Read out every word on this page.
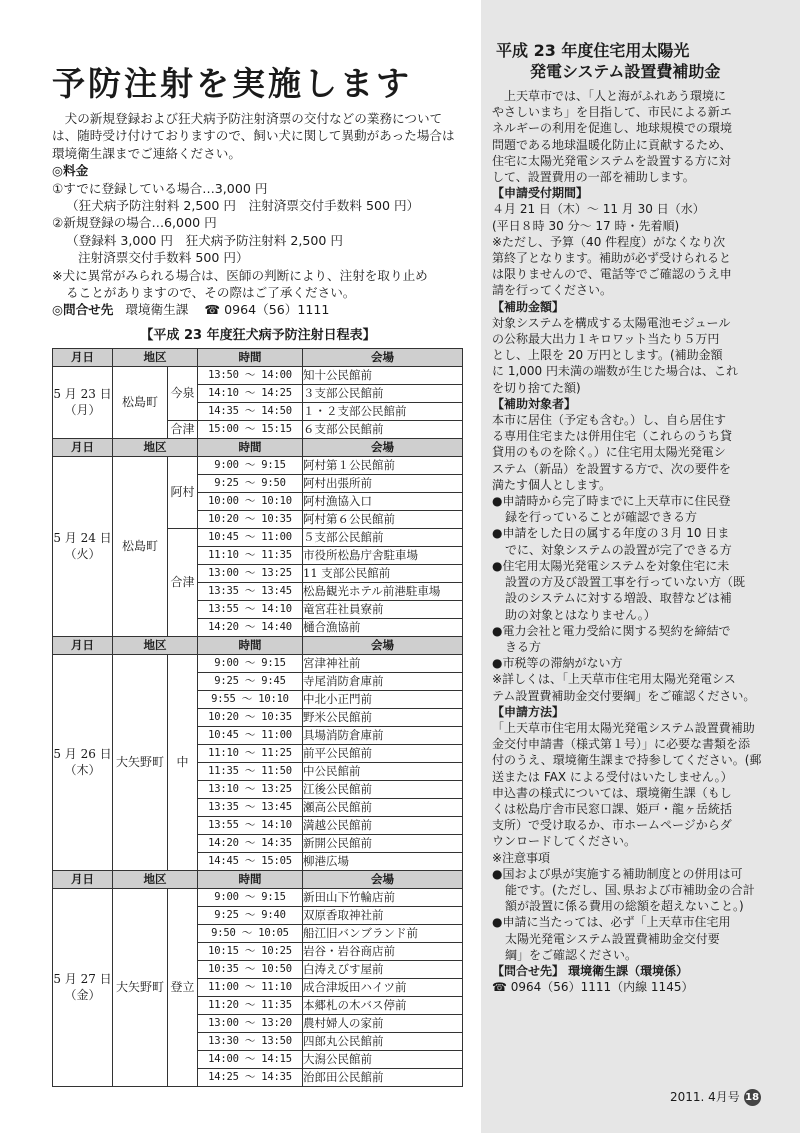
予防注射を実施します
犬の新規登録および狂犬病予防注射済票の交付などの業務については、随時受け付けておりますので、飼い犬に関して異動があった場合は環境衛生課までご連絡ください。
◎料金
①すでに登録している場合…3,000 円
（狂犬病予防注射料 2,500 円　注射済票交付手数料 500 円）
②新規登録の場合…6,000 円
（登録料 3,000 円　狂犬病予防注射料 2,500 円
注射済票交付手数料 500 円）
※犬に異常がみられる場合は、医師の判断により、注射を取り止め
ることがありますので、その際はご了承ください。
◎問合せ先 環境衛生課 ☎ 0964（56）1111
【平成 23 年度狂犬病予防注射日程表】
月日	地区		時間	会場

5 月 23 日
（月）	松島町	今泉	13:50 ～ 14:00	知十公民館前
			14:10 ～ 14:25	３支部公民館前
			14:35 ～ 14:50	１・２支部公民館前
		合津	15:00 ～ 15:15	６支部公民館前
月日	地区		時間	会場

5 月 24 日
（火）	松島町	阿村	9:00 ～ 9:15	阿村第１公民館前
			9:25 ～ 9:50	阿村出張所前
			10:00 ～ 10:10	阿村漁協入口
			10:20 ～ 10:35	阿村第６公民館前
		合津	10:45 ～ 11:00	５支部公民館前
			11:10 ～ 11:35	市役所松島庁舎駐車場
			13:00 ～ 13:25	11 支部公民館前
			13:35 ～ 13:45	松島観光ホテル前港駐車場
			13:55 ～ 14:10	竜宮荘社員寮前
			14:20 ～ 14:40	樋合漁協前
月日	地区		時間	会場

5 月 26 日
（木）	大矢野町	中	9:00 ～ 9:15	宮津神社前
			9:25 ～ 9:45	寺尾消防倉庫前
			9:55 ～ 10:10	中北小正門前
			10:20 ～ 10:35	野米公民館前
			10:45 ～ 11:00	具場消防倉庫前
			11:10 ～ 11:25	前平公民館前
			11:35 ～ 11:50	中公民館前
			13:10 ～ 13:25	江後公民館前
			13:35 ～ 13:45	瀬高公民館前
			13:55 ～ 14:10	満越公民館前
			14:20 ～ 14:35	新開公民館前
			14:45 ～ 15:05	柳港広場
月日	地区		時間	会場

5 月 27 日
（金）	大矢野町	登立	9:00 ～ 9:15	新田山下竹輪店前
			9:25 ～ 9:40	双原香取神社前
			9:50 ～ 10:05	船江旧バンブランド前
			10:15 ～ 10:25	岩谷・岩谷商店前
			10:35 ～ 10:50	白涛えびす屋前
			11:00 ～ 11:10	成合津坂田ハイツ前
			11:20 ～ 11:35	本郷札の木バス停前
			13:00 ～ 13:20	農村婦人の家前
			13:30 ～ 13:50	四郎丸公民館前
			14:00 ～ 14:15	大潟公民館前
			14:25 ～ 14:35	治郎田公民館前
平成 23 年度住宅用太陽光
発電システム設置費補助金
　上天草市では、「人と海がふれあう環境に
やさしいまち」を目指して、市民による新エ
ネルギーの利用を促進し、地球規模での環境
問題である地球温暖化防止に貢献するため、
住宅に太陽光発電システムを設置する方に対
して、設置費用の一部を補助します。
【申請受付期間】
４月 21 日（木）～ 11 月 30 日（水）
(平日８時 30 分～ 17 時・先着順)
※ただし、予算（40 件程度）がなくなり次
第終了となります。補助が必ず受けられると
は限りませんので、電話等でご確認のうえ申
請を行ってください。
【補助金額】
対象システムを構成する太陽電池モジュール
の公称最大出力１キロワット当たり５万円
とし、上限を 20 万円とします。(補助金額
に 1,000 円未満の端数が生じた場合は、これ
を切り捨てた額)
【補助対象者】
本市に居住（予定も含む。）し、自ら居住す
る専用住宅または併用住宅（これらのうち貸
貸用のものを除く。）に住宅用太陽光発電シ
ステム（新品）を設置する方で、次の要件を
満たす個人とします。
●申請時から完了時までに上天草市に住民登
録を行っていることが確認できる方
●申請をした日の属する年度の３月 10 日ま
でに、対象システムの設置が完了できる方
●住宅用太陽光発電システムを対象住宅に未
設置の方及び設置工事を行っていない方（既
設のシステムに対する増設、取替などは補
助の対象とはなりません。）
●電力会社と電力受給に関する契約を締結で
きる方
●市税等の滞納がない方
※詳しくは、「上天草市住宅用太陽光発電シス
テム設置費補助金交付要綱」をご確認ください。
【申請方法】
「上天草市住宅用太陽光発電システム設置費補助
金交付申請書（様式第１号）」に必要な書類を添
付のうえ、環境衛生課まで持参してください。(郵
送または FAX による受付はいたしません。）
申込書の様式については、環境衛生課（もし
くは松島庁舎市民窓口課、姫戸・龍ヶ岳統括
支所）で受け取るか、市ホームページからダ
ウンロードしてください。
※注意事項
●国および県が実施する補助制度との併用は可
能です。(ただし、国､県および市補助金の合計
額が設置に係る費用の総額を超えないこと｡)
●申請に当たっては、必ず「上天草市住宅用
太陽光発電システム設置費補助金交付要
綱」をご確認ください。
【問合せ先】 環境衛生課（環境係）
☎ 0964（56）1111（内線 1145）
2011. 4月号 18
